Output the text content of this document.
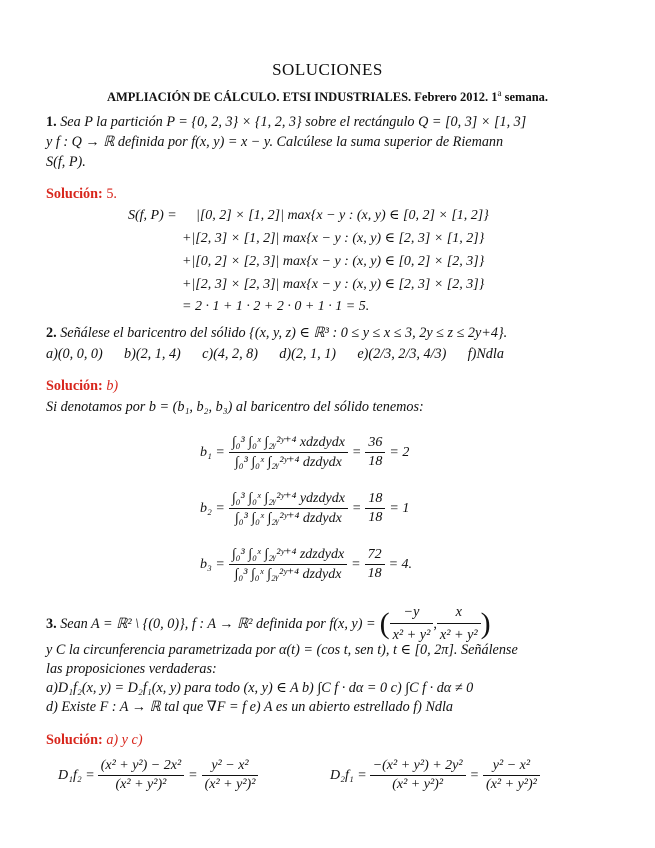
SOLUCIONES
AMPLIACIÓN DE CÁLCULO. ETSI INDUSTRIALES. Febrero 2012. 1$^a$ semana.
1. Sea P la partición P = {0, 2, 3} × {1, 2, 3} sobre el rectángulo Q = [0, 3] × [1, 3]
y f : Q → ℝ definida por f(x, y) = x − y. Calcúlese la suma superior de Riemann
S(f, P).
Solución: 5.
S(f, P) = |[0, 2] × [1, 2]| max{x − y : (x, y) ∈ [0, 2] × [1, 2]}
+|[2, 3] × [1, 2]| max{x − y : (x, y) ∈ [2, 3] × [1, 2]}
+|[0, 2] × [2, 3]| max{x − y : (x, y) ∈ [0, 2] × [2, 3]}
+|[2, 3] × [2, 3]| max{x − y : (x, y) ∈ [2, 3] × [2, 3]}
= 2 · 1 + 1 · 2 + 2 · 0 + 1 · 1 = 5.
2. Señálese el baricentro del sólido {(x, y, z) ∈ ℝ³ : 0 ≤ y ≤ x ≤ 3, 2y ≤ z ≤ 2y+4}.
a)(0, 0, 0) b)(2, 1, 4) c)(4, 2, 8) d)(2, 1, 1) e)(2/3, 2/3, 4/3) f)Ndla
Solución: b)
Si denotamos por b = (b₁, b₂, b₃) al baricentro del sólido tenemos:
$b_1 = \frac{\text{∫₀³ ∫₀ˣ ∫₂ᵧ²ʸ⁺⁴ xdzdydx}}{\text{∫₀³ ∫₀ˣ ∫₂ᵧ²ʸ⁺⁴ dzdydx}} = \frac{36}{18} = 2$
$b_2 = \frac{\text{∫₀³ ∫₀ˣ ∫₂ᵧ²ʸ⁺⁴ ydzdydx}}{\text{∫₀³ ∫₀ˣ ∫₂ᵧ²ʸ⁺⁴ dzdydx}} = \frac{18}{18} = 1$
$b_3 = \frac{\text{∫₀³ ∫₀ˣ ∫₂ᵧ²ʸ⁺⁴ zdzdydx}}{\text{∫₀³ ∫₀ˣ ∫₂ᵧ²ʸ⁺⁴ dzdydx}} = \frac{72}{18} = 4$.
3.
Sean A = ℝ² \ {(0, 0)}, f : A → ℝ² definida por f(x, y) = ( $\frac{-y}{\text{x² + y²}}$ , $\frac{x}{\text{x² + y²}}$ )
y C la circunferencia parametrizada por α(t) = (cos t, sen t), t ∈ [0, 2π]. Señálense
las proposiciones verdaderas:
a)D₁f₂(x, y) = D₂f₁(x, y) para todo (x, y) ∈ A b) ∫C f · dα = 0 c) ∫C f · dα ≠ 0
d) Existe F : A → ℝ tal que ∇F = f e) A es un abierto estrellado f) Ndla
Solución: a) y c)
$D_1f_2 = \frac{\text{(x² + y²) − 2x²}}{\text{(x² + y²)²}} = \frac{\text{y² − x²}}{\text{(x² + y²)²}}$	$D_2f_1 = \frac{\text{−(x² + y²) + 2y²}}{\text{(x² + y²)²}} = \frac{\text{y² − x²}}{\text{(x² + y²)²}}$
